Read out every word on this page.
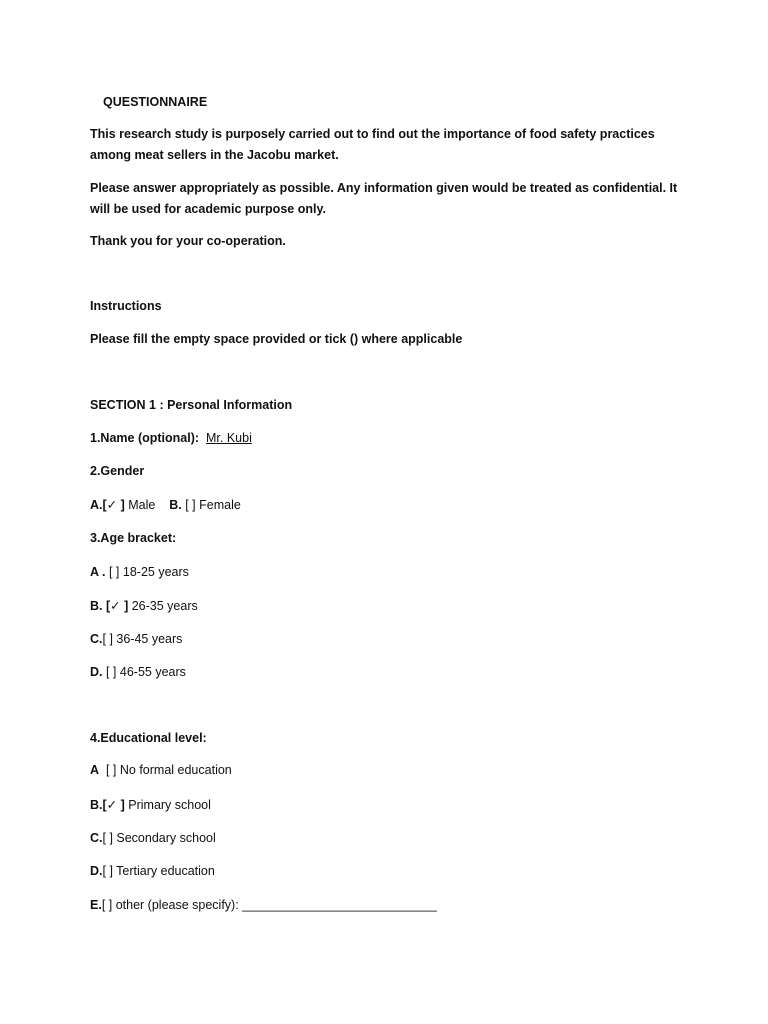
QUESTIONNAIRE
This research study is purposely carried out to find out the importance of food safety practices among meat sellers in the Jacobu market.
Please answer appropriately as possible. Any information given would be treated as confidential. It will be used for academic purpose only.
Thank you for your co-operation.
Instructions
Please fill the empty space provided or tick () where applicable
SECTION 1 : Personal Information
1.Name (optional): Mr. Kubi
2.Gender
A.[✓ ] Male B. [ ] Female
3.Age bracket:
A . [ ] 18-25 years
B. [✓ ] 26-35 years
C.[ ] 36-45 years
D. [ ] 46-55 years
4.Educational level:
A  [ ] No formal education
B.[✓ ] Primary school
C.[ ] Secondary school
D.[ ] Tertiary education
E.[ ] other (please specify): ____________________________
